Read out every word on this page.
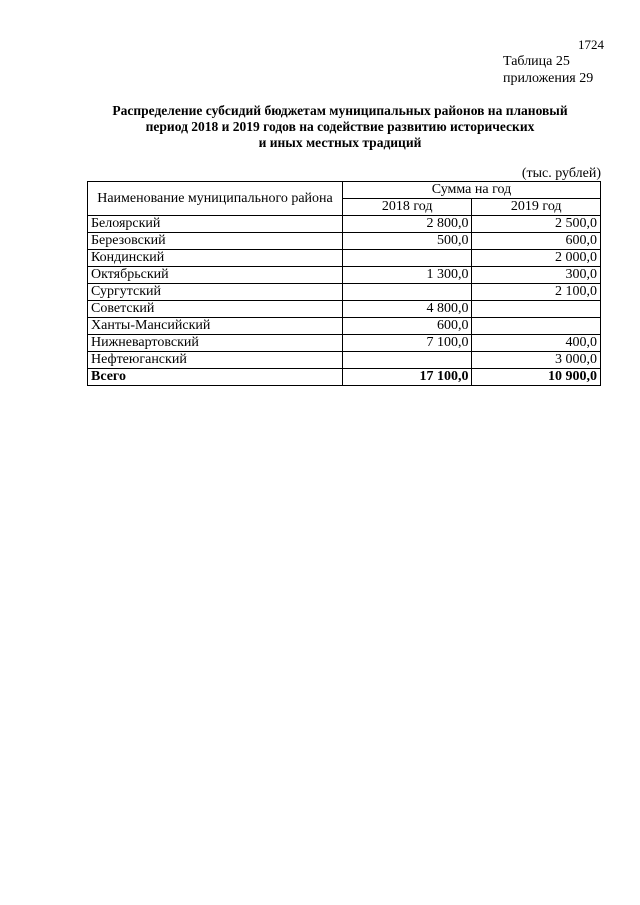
1724
Таблица 25
приложения 29
Распределение субсидий бюджетам муниципальных районов на плановый
период 2018 и 2019 годов на содействие развитию исторических
и иных местных традиций
(тыс. рублей)
Наименование муниципального района	Сумма на год	
	2018 год	2019 год
Белоярский	2 800,0	2 500,0
Березовский	500,0	600,0
Кондинский		2 000,0
Октябрьский	1 300,0	300,0
Сургутский		2 100,0
Советский	4 800,0	
Ханты-Мансийский	600,0	
Нижневартовский	7 100,0	400,0
Нефтеюганский		3 000,0
Всего	17 100,0	10 900,0
